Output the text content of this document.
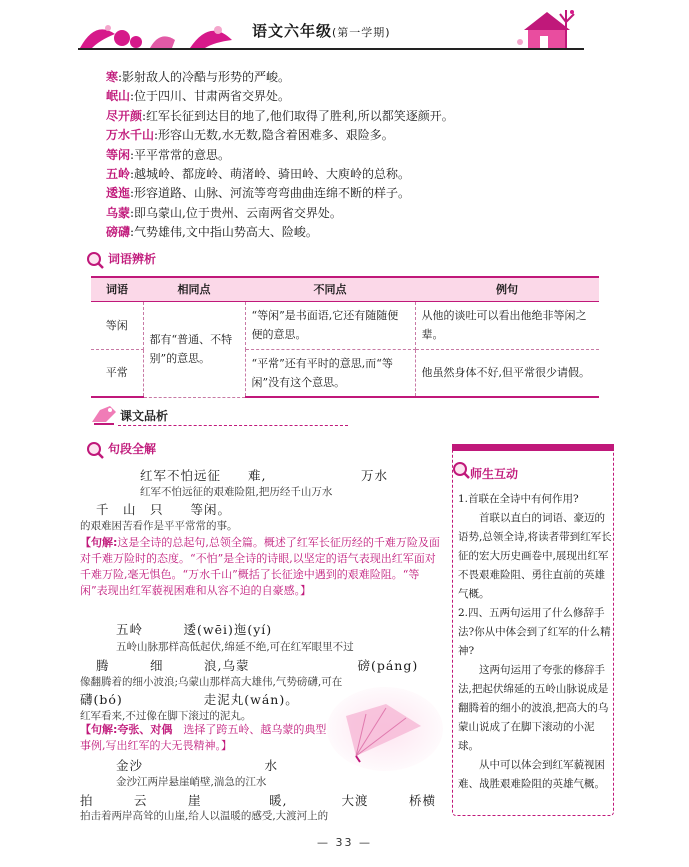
语文六年级(第一学期)
寒:影射敌人的冷酷与形势的严峻。
岷山:位于四川、甘肃两省交界处。
尽开颜:红军长征到达目的地了,他们取得了胜利,所以都笑逐颜开。
万水千山:形容山无数,水无数,隐含着困难多、艰险多。
等闲:平平常常的意思。
五岭:越城岭、都庞岭、萌渚岭、骑田岭、大庾岭的总称。
逶迤:形容道路、山脉、河流等弯弯曲曲连绵不断的样子。
乌蒙:即乌蒙山,位于贵州、云南两省交界处。
磅礴:气势雄伟,文中指山势高大、险峻。
词语辨析
词语	相同点	不同点	例句
等闲	都有“普通、不特别”的意思。	“等闲”是书面语,它还有随随便便的意思。	从他的谈吐可以看出他绝非等闲之辈。
平常		“平常”还有平时的意思,而“等闲”没有这个意思。	他虽然身体不好,但平常很少请假。
课文品析
句段全解
红军不怕远征　　难,　　　　　　　万水
红军不怕远征的艰难险阻,把历经千山万水
千　山　只　　等闲。
的艰难困苦看作是平平常常的事。
【句解:这是全诗的总起句,总领全篇。概述了红军长征历经的千难万险及面对千难万险时的态度。“不怕”是全诗的诗眼,以坚定的语气表现出红军面对千难万险,毫无惧色。“万水千山”概括了长征途中遇到的艰难险阻。“等闲”表现出红军藐视困难和从容不迫的自豪感。】
五岭　　　逶(wēi)迤(yí)
五岭山脉那样高低起伏,绵延不绝,可在红军眼里不过
腾　　　细　　　浪,乌蒙　　　　　　　　磅(páng)
像翻腾着的细小波浪;乌蒙山那样高大雄伟,气势磅礴,可在
礴(bó)　　　　　　走泥丸(wán)。
红军看来,不过像在脚下滚过的泥丸。
【句解:夸张、对偶　 选择了跨五岭、越乌蒙的典型事例,写出红军的大无畏精神。】
金沙　　　　　　　　　水
金沙江两岸悬崖峭壁,湍急的江水
拍　　　云　　　崖　　　　　暖,　　　　大渡　　　桥横
拍击着两岸高耸的山崖,给人以温暖的感受,大渡河上的
师生互动

1.首联在全诗中有何作用?

首联以直白的词语、豪迈的语势,总领全诗,将读者带到红军长征的宏大历史画卷中,展现出红军不畏艰难险阻、勇往直前的英雄气概。

2.四、五两句运用了什么修辞手法?你从中体会到了红军的什么精神?

这两句运用了夸张的修辞手法,把起伏绵延的五岭山脉说成是翻腾着的细小的波浪,把高大的乌蒙山说成了在脚下滚动的小泥球。

从中可以体会到红军藐视困难、战胜艰难险阻的英雄气概。

— 33 —
